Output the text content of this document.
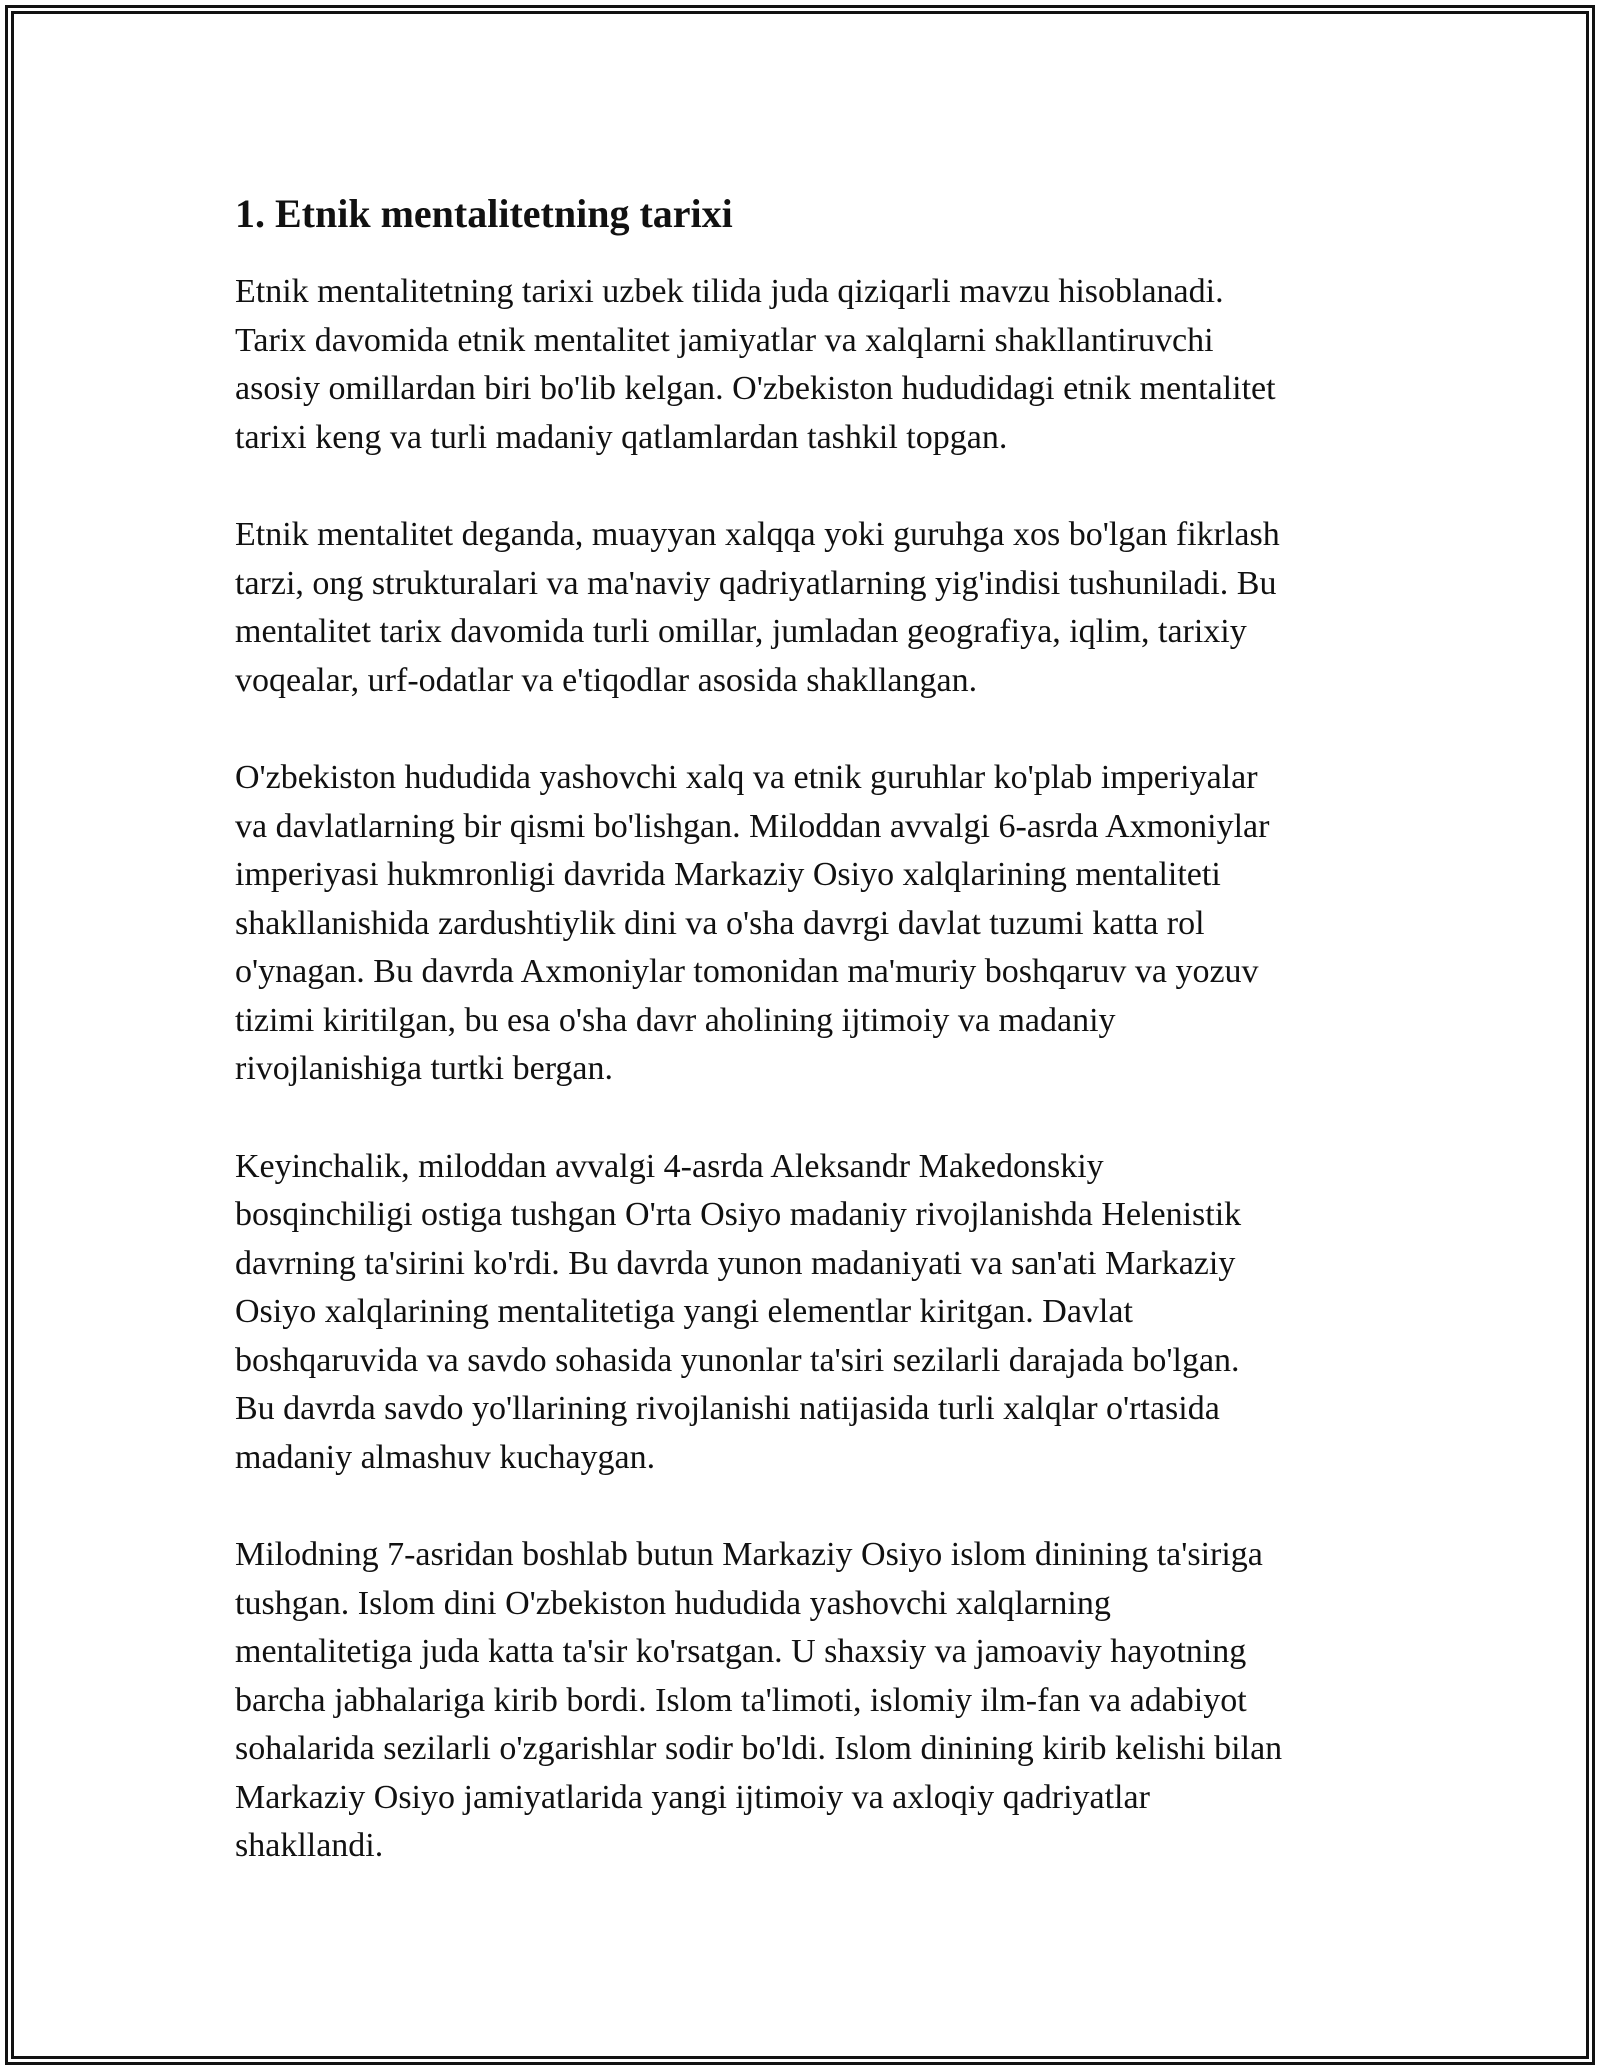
1. Etnik mentalitetning tarixi

Etnik mentalitetning tarixi uzbek tilida juda qiziqarli mavzu hisoblanadi.
Tarix davomida etnik mentalitet jamiyatlar va xalqlarni shakllantiruvchi
asosiy omillardan biri bo'lib kelgan. O'zbekiston hududidagi etnik mentalitet
tarixi keng va turli madaniy qatlamlardan tashkil topgan.

Etnik mentalitet deganda, muayyan xalqqa yoki guruhga xos bo'lgan fikrlash
tarzi, ong strukturalari va ma'naviy qadriyatlarning yig'indisi tushuniladi. Bu
mentalitet tarix davomida turli omillar, jumladan geografiya, iqlim, tarixiy
voqealar, urf-odatlar va e'tiqodlar asosida shakllangan.

O'zbekiston hududida yashovchi xalq va etnik guruhlar ko'plab imperiyalar
va davlatlarning bir qismi bo'lishgan. Miloddan avvalgi 6-asrda Axmoniylar
imperiyasi hukmronligi davrida Markaziy Osiyo xalqlarining mentaliteti
shakllanishida zardushtiylik dini va o'sha davrgi davlat tuzumi katta rol
o'ynagan. Bu davrda Axmoniylar tomonidan ma'muriy boshqaruv va yozuv
tizimi kiritilgan, bu esa o'sha davr aholining ijtimoiy va madaniy
rivojlanishiga turtki bergan.

Keyinchalik, miloddan avvalgi 4-asrda Aleksandr Makedonskiy
bosqinchiligi ostiga tushgan O'rta Osiyo madaniy rivojlanishda Helenistik
davrning ta'sirini ko'rdi. Bu davrda yunon madaniyati va san'ati Markaziy
Osiyo xalqlarining mentalitetiga yangi elementlar kiritgan. Davlat
boshqaruvida va savdo sohasida yunonlar ta'siri sezilarli darajada bo'lgan.
Bu davrda savdo yo'llarining rivojlanishi natijasida turli xalqlar o'rtasida
madaniy almashuv kuchaygan.

Milodning 7-asridan boshlab butun Markaziy Osiyo islom dinining ta'siriga
tushgan. Islom dini O'zbekiston hududida yashovchi xalqlarning
mentalitetiga juda katta ta'sir ko'rsatgan. U shaxsiy va jamoaviy hayotning
barcha jabhalariga kirib bordi. Islom ta'limoti, islomiy ilm-fan va adabiyot
sohalarida sezilarli o'zgarishlar sodir bo'ldi. Islom dinining kirib kelishi bilan
Markaziy Osiyo jamiyatlarida yangi ijtimoiy va axloqiy qadriyatlar
shakllandi.
